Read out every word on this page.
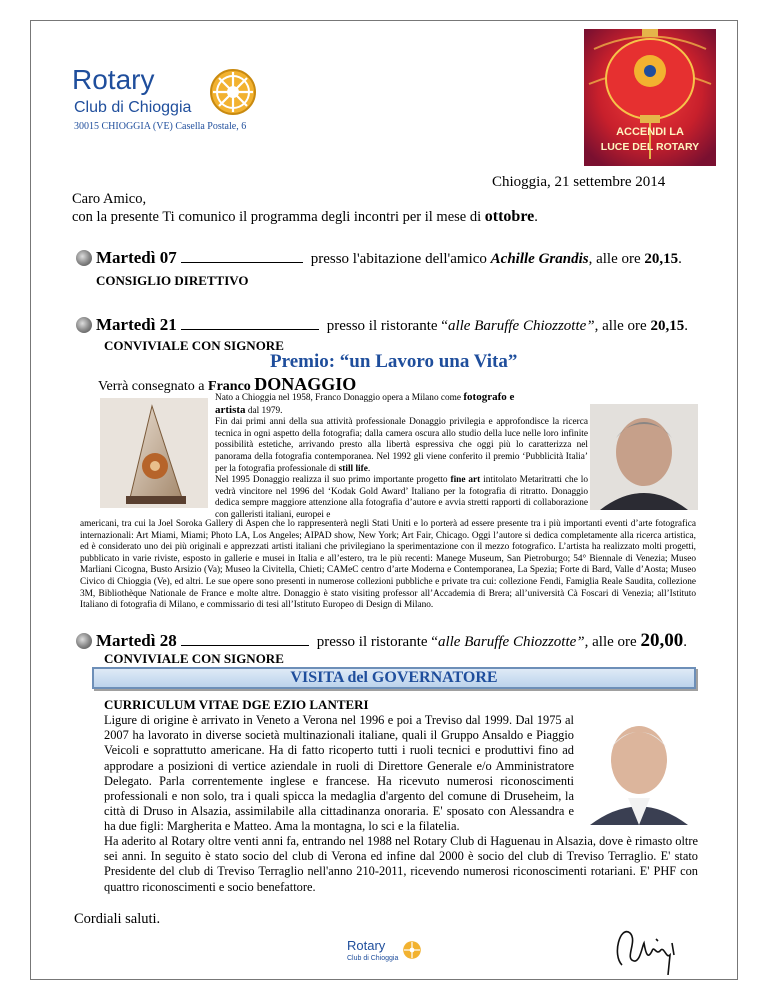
Rotary
Club di Chioggia
30015 CHIOGGIA (VE) Casella Postale, 6	ACCENDI LA
LUCE DEL ROTARY
Chioggia, 21 settembre 2014
Caro Amico,
con la presente Ti comunico il programma degli incontri per il mese di ottobre.
Martedì 07	presso l'abitazione dell'amico Achille Grandis, alle ore 20,15.
CONSIGLIO DIRETTIVO
Martedì 21	presso il ristorante “alle Baruffe Chiozzotte”, alle ore 20,15.
CONVIVIALE CON SIGNORE
Premio: “un Lavoro una Vita”
Verrà consegnato a Franco DONAGGIO
Nato a Chioggia nel 1958, Franco Donaggio opera a Milano come fotografo e
artista dal 1979.
Fin dai primi anni della sua attività professionale Donaggio privilegia e approfondisce la ricerca tecnica in ogni aspetto della fotografia; dalla camera oscura allo studio della luce nelle loro infinite possibilità estetiche, arrivando presto alla libertà espressiva che oggi più lo caratterizza nel panorama della fotografia contemporanea. Nel 1992 gli viene conferito il premio ‘Pubblicità Italia’ per la fotografia professionale di still life.
Nel 1995 Donaggio realizza il suo primo importante progetto fine art intitolato Metaritratti che lo vedrà vincitore nel 1996 del ‘Kodak Gold Award’ Italiano per la fotografia di ritratto. Donaggio dedica sempre maggiore attenzione alla fotografia d’autore e avvia stretti rapporti di collaborazione con galleristi italiani, europei e
americani, tra cui la Joel Soroka Gallery di Aspen che lo rappresenterà negli Stati Uniti e lo porterà ad essere presente tra i più importanti eventi d’arte fotografica internazionali: Art Miami, Miami; Photo LA, Los Angeles; AIPAD show, New York; Art Fair, Chicago. Oggi l’autore si dedica completamente alla ricerca artistica, ed è considerato uno dei più originali e apprezzati artisti italiani che privilegiano la sperimentazione con il mezzo fotografico. L’artista ha realizzato molti progetti, pubblicato in varie riviste, esposto in gallerie e musei in Italia e all’estero, tra le più recenti: Manege Museum, San Pietroburgo; 54° Biennale di Venezia; Museo Marliani Cicogna, Busto Arsizio (Va); Museo la Civitella, Chieti; CAMeC centro d’arte Moderna e Contemporanea, La Spezia; Forte di Bard, Valle d’Aosta; Museo Civico di Chioggia (Ve), ed altri. Le sue opere sono presenti in numerose collezioni pubbliche e private tra cui: collezione Fendi, Famiglia Reale Saudita, collezione 3M, Bibliothèque Nationale de France e molte altre. Donaggio è stato visiting professor all’Accademia di Brera; all’università Cà Foscari di Venezia; all’Istituto Italiano di fotografia di Milano, e commissario di tesi all’Istituto Europeo di Design di Milano.
Martedì 28	presso il ristorante “alle Baruffe Chiozzotte”, alle ore 20,00.
CONVIVIALE CON SIGNORE
VISITA del GOVERNATORE
CURRICULUM VITAE DGE EZIO LANTERI
Ligure di origine è arrivato in Veneto a Verona nel 1996 e poi a Treviso dal 1999. Dal 1975 al 2007 ha lavorato in diverse società multinazionali italiane, quali il Gruppo Ansaldo e Piaggio Veicoli e soprattutto americane. Ha di fatto ricoperto tutti i ruoli tecnici e produttivi fino ad approdare a posizioni di vertice aziendale in ruoli di Direttore Generale e/o Amministratore Delegato. Parla correntemente inglese e francese. Ha ricevuto numerosi riconoscimenti professionali e non solo, tra i quali spicca la medaglia d'argento del comune di Druseheim, la città di Druso in Alsazia, assimilabile alla cittadinanza onoraria. E' sposato con Alessandra e ha due figli: Margherita e Matteo. Ama la montagna, lo sci e la filatelia.
Ha aderito al Rotary oltre venti anni fa, entrando nel 1988 nel Rotary Club di Haguenau in Alsazia, dove è rimasto oltre sei anni. In seguito è stato socio del club di Verona ed infine dal 2000 è socio del club di Treviso Terraglio. E' stato Presidente del club di Treviso Terraglio nell'anno 210-2011, ricevendo numerosi riconoscimenti rotariani. E' PHF con quattro riconoscimenti e socio benefattore.
Cordiali saluti.
Rotary
Club di Chioggia
